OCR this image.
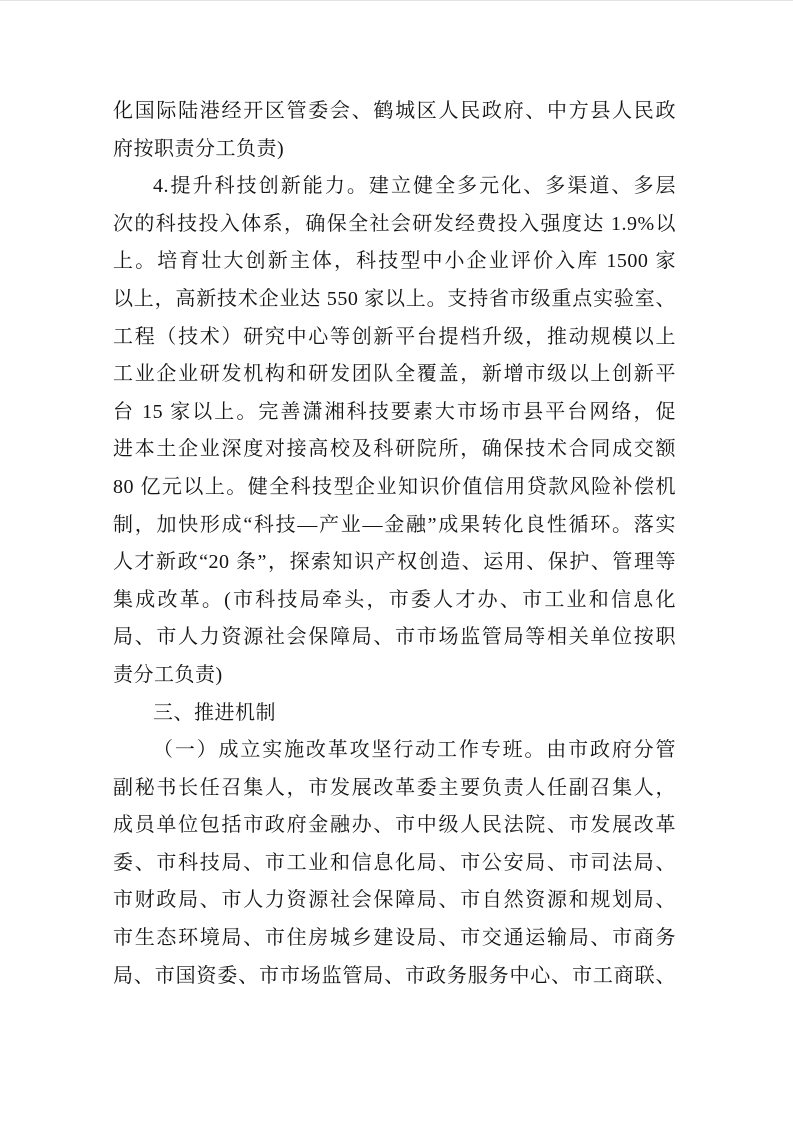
化国际陆港经开区管委会、鹤城区人民政府、中方县人民政
府按职责分工负责)
4.提升科技创新能力。建立健全多元化、多渠道、多层
次的科技投入体系，确保全社会研发经费投入强度达 1.9%以
上。培育壮大创新主体，科技型中小企业评价入库 1500 家
以上，高新技术企业达 550 家以上。支持省市级重点实验室、
工程（技术）研究中心等创新平台提档升级，推动规模以上
工业企业研发机构和研发团队全覆盖，新增市级以上创新平
台 15 家以上。完善潇湘科技要素大市场市县平台网络，促
进本土企业深度对接高校及科研院所，确保技术合同成交额
80 亿元以上。健全科技型企业知识价值信用贷款风险补偿机
制，加快形成“科技—产业—金融”成果转化良性循环。落实
人才新政“20 条”，探索知识产权创造、运用、保护、管理等
集成改革。(市科技局牵头，市委人才办、市工业和信息化
局、市人力资源社会保障局、市市场监管局等相关单位按职
责分工负责)
三、推进机制
（一）成立实施改革攻坚行动工作专班。由市政府分管
副秘书长任召集人，市发展改革委主要负责人任副召集人，
成员单位包括市政府金融办、市中级人民法院、市发展改革
委、市科技局、市工业和信息化局、市公安局、市司法局、
市财政局、市人力资源社会保障局、市自然资源和规划局、
市生态环境局、市住房城乡建设局、市交通运输局、市商务
局、市国资委、市市场监管局、市政务服务中心、市工商联、
